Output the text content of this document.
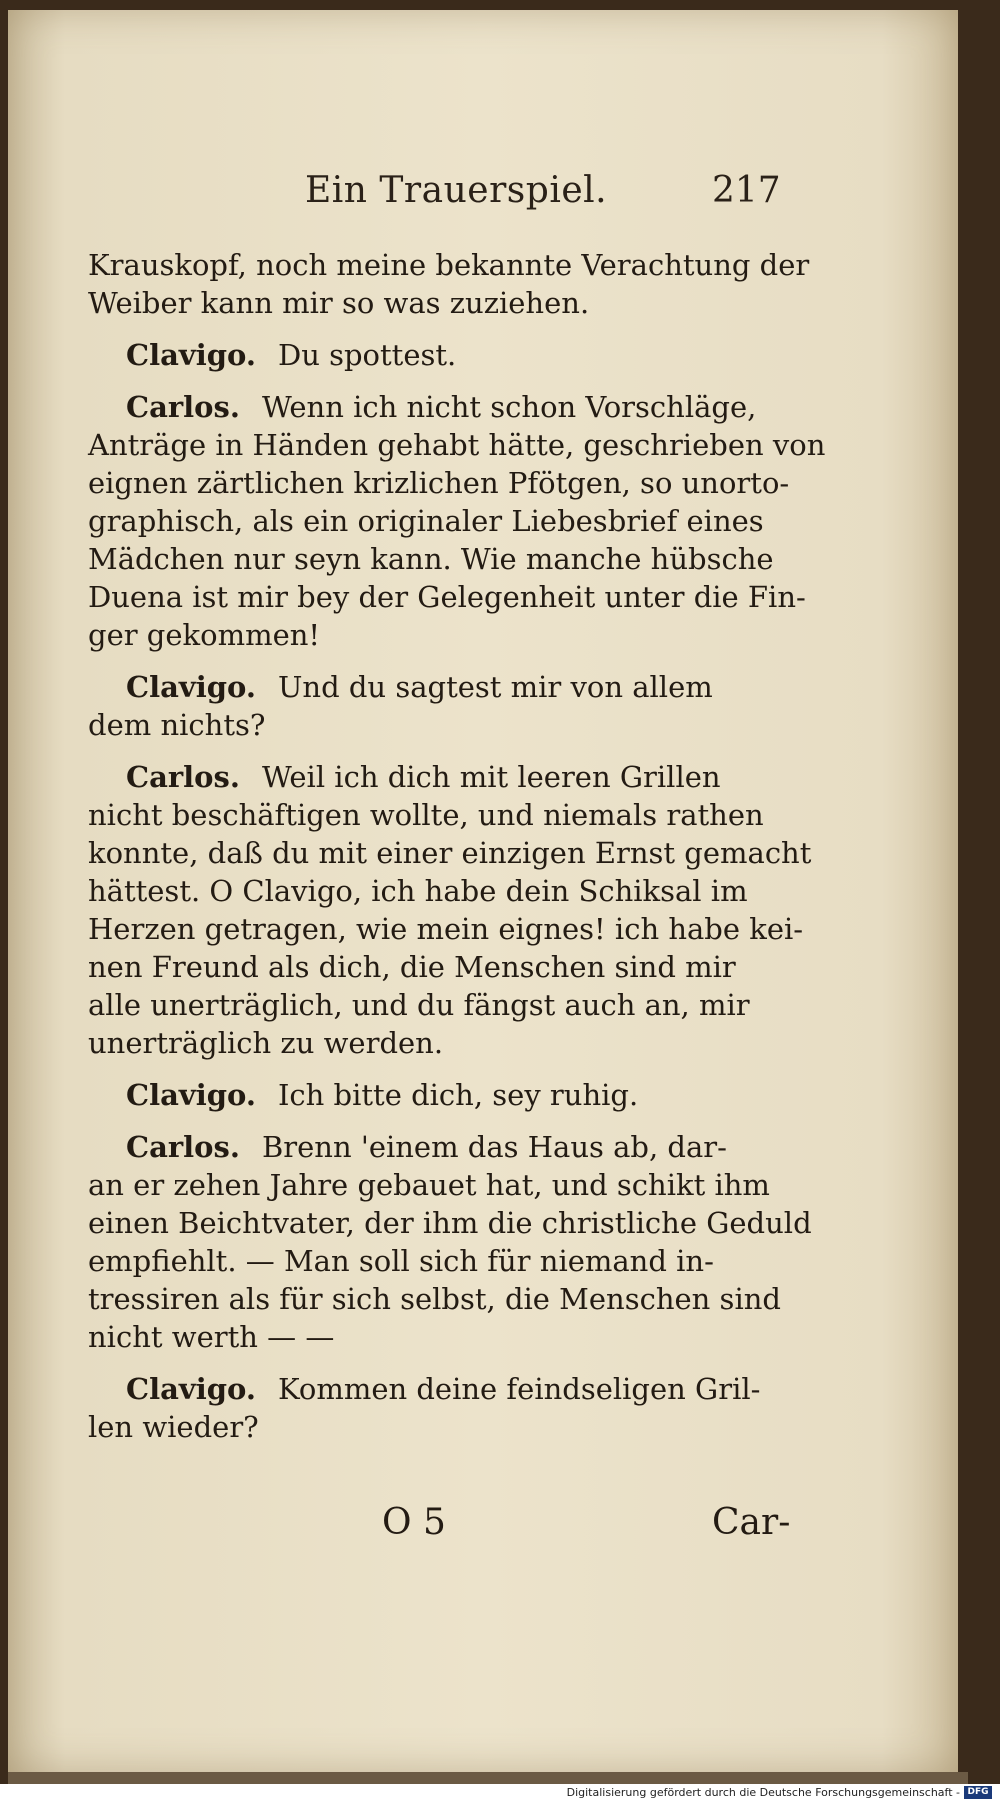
Ein Trauerspiel.	217
Krauskopf, noch meine bekannte Verachtung der
Weiber kann mir so was zuziehen.
Clavigo. Du spottest.
Carlos. Wenn ich nicht schon Vorschläge,
Anträge in Händen gehabt hätte, geschrieben von
eignen zärtlichen krizlichen Pfötgen, so unorto-
graphisch, als ein originaler Liebesbrief eines
Mädchen nur seyn kann. Wie manche hübsche
Duena ist mir bey der Gelegenheit unter die Fin-
ger gekommen!
Clavigo. Und du sagtest mir von allem
dem nichts?
Carlos. Weil ich dich mit leeren Grillen
nicht beschäftigen wollte, und niemals rathen
konnte, daß du mit einer einzigen Ernst gemacht
hättest. O Clavigo, ich habe dein Schiksal im
Herzen getragen, wie mein eignes! ich habe kei-
nen Freund als dich, die Menschen sind mir
alle unerträglich, und du fängst auch an, mir
unerträglich zu werden.
Clavigo. Ich bitte dich, sey ruhig.
Carlos. Brenn 'einem das Haus ab, dar-
an er zehen Jahre gebauet hat, und schikt ihm
einen Beichtvater, der ihm die christliche Geduld
empfiehlt. — Man soll sich für niemand in-
tressiren als für sich selbst, die Menschen sind
nicht werth — —
Clavigo. Kommen deine feindseligen Gril-
len wieder?
O 5	Car-
Digitalisierung gefördert durch die Deutsche Forschungsgemeinschaft - DFG
